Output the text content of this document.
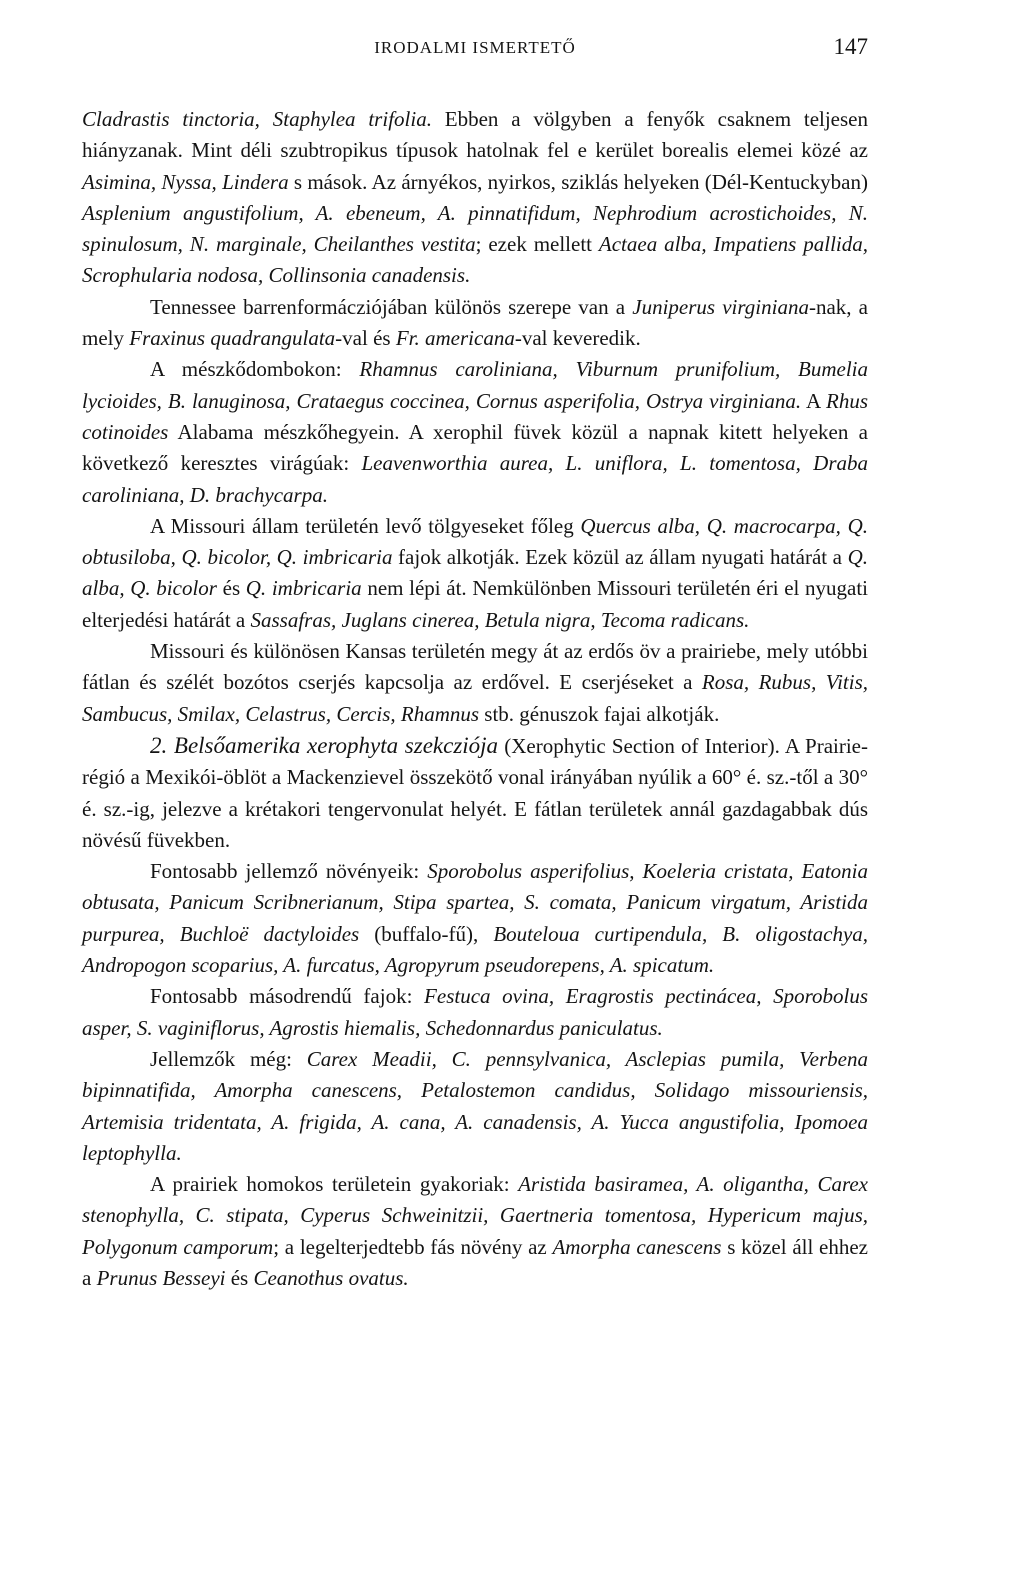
IRODALMI ISMERTETŐ	147

Cladrastis tinctoria, Staphylea trifolia. Ebben a völgyben a fenyők csaknem teljesen hiányzanak. Mint déli szubtropikus típusok hatolnak fel e kerület borealis elemei közé az Asimina, Nyssa, Lindera s mások. Az árnyékos, nyirkos, sziklás helyeken (Dél-Kentuckyban) Asplenium angustifolium, A. ebeneum, A. pinnatifidum, Nephrodium acrostichoides, N. spinulosum, N. marginale, Cheilanthes vestita; ezek mellett Actaea alba, Impatiens pallida, Scrophularia nodosa, Collinsonia canadensis.

Tennessee barrenformácziójában különös szerepe van a Juniperus virginiana-nak, a mely Fraxinus quadrangulata-val és Fr. americana-val keveredik.

A mészkődombokon: Rhamnus caroliniana, Viburnum prunifolium, Bumelia lycioides, B. lanuginosa, Crataegus coccinea, Cornus asperifolia, Ostrya virginiana. A Rhus cotinoides Alabama mészkőhegyein. A xerophil füvek közül a napnak kitett helyeken a következő keresztes virágúak: Leavenworthia aurea, L. uniflora, L. tomentosa, Draba caroliniana, D. brachycarpa.

A Missouri állam területén levő tölgyeseket főleg Quercus alba, Q. macrocarpa, Q. obtusiloba, Q. bicolor, Q. imbricaria fajok alkotják. Ezek közül az állam nyugati határát a Q. alba, Q. bicolor és Q. imbricaria nem lépi át. Nemkülönben Missouri területén éri el nyugati elterjedési határát a Sassafras, Juglans cinerea, Betula nigra, Tecoma radicans.

Missouri és különösen Kansas területén megy át az erdős öv a prairiebe, mely utóbbi fátlan és szélét bozótos cserjés kapcsolja az erdővel. E cserjéseket a Rosa, Rubus, Vitis, Sambucus, Smilax, Celastrus, Cercis, Rhamnus stb. génuszok fajai alkotják.

2. Belsőamerika xerophyta szekcziója (Xerophytic Section of Interior). A Prairie-régió a Mexikói-öblöt a Mackenzievel összekötő vonal irányában nyúlik a 60° é. sz.-től a 30° é. sz.-ig, jelezve a krétakori tengervonulat helyét. E fátlan területek annál gazdagabbak dús növésű füvekben.

Fontosabb jellemző növényeik: Sporobolus asperifolius, Koeleria cristata, Eatonia obtusata, Panicum Scribnerianum, Stipa spartea, S. comata, Panicum virgatum, Aristida purpurea, Buchloë dactyloides (buffalo-fű), Bouteloua curtipendula, B. oligostachya, Andropogon scoparius, A. furcatus, Agropyrum pseudorepens, A. spicatum.

Fontosabb másodrendű fajok: Festuca ovina, Eragrostis pectinácea, Sporobolus asper, S. vaginiflorus, Agrostis hiemalis, Schedonnardus paniculatus.

Jellemzők még: Carex Meadii, C. pennsylvanica, Asclepias pumila, Verbena bipinnatifida, Amorpha canescens, Petalostemon candidus, Solidago missouriensis, Artemisia tridentata, A. frigida, A. cana, A. canadensis, A. Yucca angustifolia, Ipomoea leptophylla.

A prairiek homokos területein gyakoriak: Aristida basiramea, A. oligantha, Carex stenophylla, C. stipata, Cyperus Schweinitzii, Gaertneria tomentosa, Hypericum majus, Polygonum camporum; a legelterjedtebb fás növény az Amorpha canescens s közel áll ehhez a Prunus Besseyi és Ceanothus ovatus.
